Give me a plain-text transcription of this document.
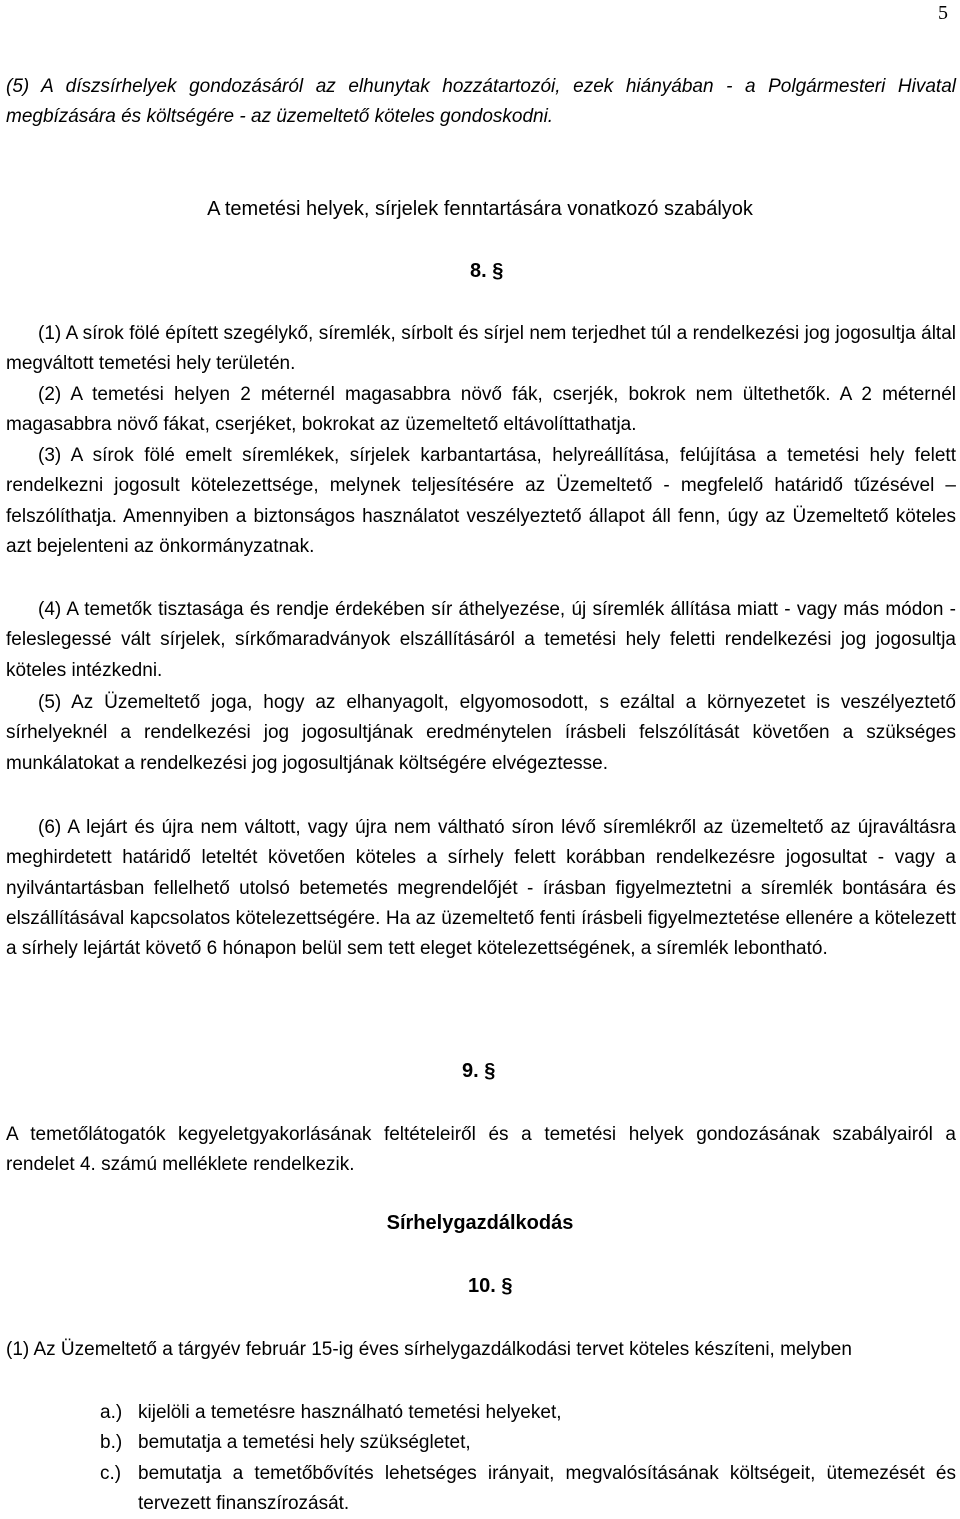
5

(5) A díszsírhelyek gondozásáról az elhunytak hozzátartozói, ezek hiányában - a Polgármesteri Hivatal megbízására és költségére - az üzemeltető köteles gondoskodni.

A temetési helyek, sírjelek fenntartására vonatkozó szabályok

8. §

(1) A sírok fölé épített szegélykő, síremlék, sírbolt és sírjel nem terjedhet túl a rendelkezési jog jogosultja által megváltott temetési hely területén.

(2) A temetési helyen 2 méternél magasabbra növő fák, cserjék, bokrok nem ültethetők. A 2 méternél magasabbra növő fákat, cserjéket, bokrokat az üzemeltető eltávolíttathatja.

(3) A sírok fölé emelt síremlékek, sírjelek karbantartása, helyreállítása, felújítása a temetési hely felett rendelkezni jogosult kötelezettsége, melynek teljesítésére az Üzemeltető - megfelelő határidő tűzésével – felszólíthatja. Amennyiben a biztonságos használatot veszélyeztető állapot áll fenn, úgy az Üzemeltető köteles azt bejelenteni az önkormányzatnak.

(4) A temetők tisztasága és rendje érdekében sír áthelyezése, új síremlék állítása miatt - vagy más módon - feleslegessé vált sírjelek, sírkőmaradványok elszállításáról a temetési hely feletti rendelkezési jog jogosultja köteles intézkedni.

(5) Az Üzemeltető joga, hogy az elhanyagolt, elgyomosodott, s ezáltal a környezetet is veszélyeztető sírhelyeknél a rendelkezési jog jogosultjának eredménytelen írásbeli felszólítását követően a szükséges munkálatokat a rendelkezési jog jogosultjának költségére elvégeztesse.

(6) A lejárt és újra nem váltott, vagy újra nem váltható síron lévő síremlékről az üzemeltető az újraváltásra meghirdetett határidő leteltét követően köteles a sírhely felett korábban rendelkezésre jogosultat - vagy a nyilvántartásban fellelhető utolsó betemetés megrendelőjét - írásban figyelmeztetni a síremlék bontására és elszállításával kapcsolatos kötelezettségére. Ha az üzemeltető fenti írásbeli figyelmeztetése ellenére a kötelezett a sírhely lejártát követő 6 hónapon belül sem tett eleget kötelezettségének, a síremlék lebontható.

9. §

A temetőlátogatók kegyeletgyakorlásának feltételeiről és a temetési helyek gondozásának szabályairól a rendelet 4. számú melléklete rendelkezik.

Sírhelygazdálkodás

10. §

(1) Az Üzemeltető a tárgyév február 15-ig éves sírhelygazdálkodási tervet köteles készíteni, melyben

a.) kijelöli a temetésre használható temetési helyeket,
b.) bemutatja a temetési hely szükségletet,
c.) bemutatja a temetőbővítés lehetséges irányait, megvalósításának költségeit, ütemezését és tervezett finanszírozását.
